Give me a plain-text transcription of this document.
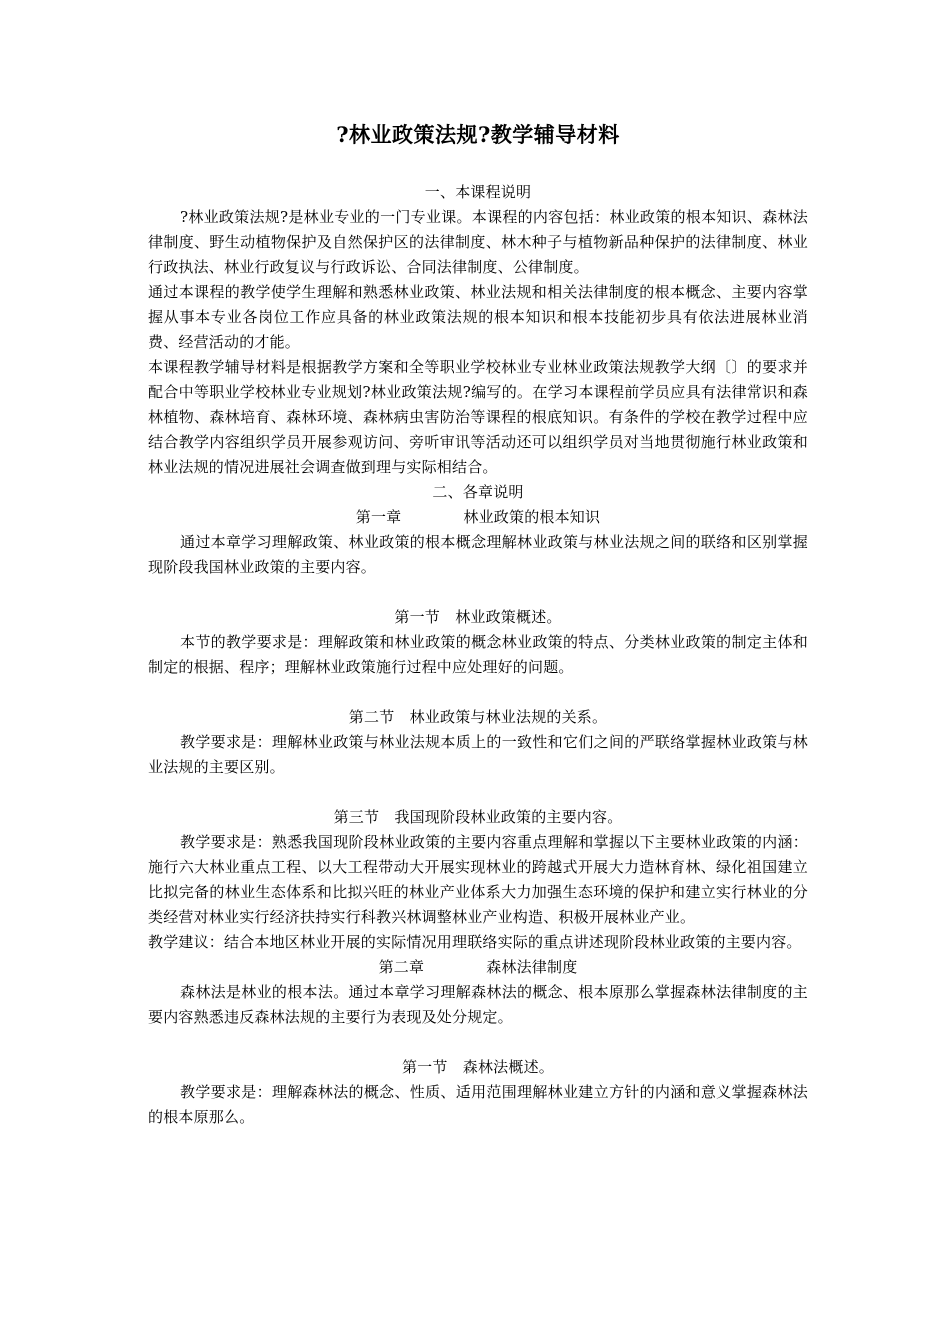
?林业政策法规?教学辅导材料

一、本课程说明

?林业政策法规?是林业专业的一门专业课。本课程的内容包括：林业政策的根本知识、森林法律制度、野生动植物保护及自然保护区的法律制度、林木种子与植物新品种保护的法律制度、林业行政执法、林业行政复议与行政诉讼、合同法律制度、公律制度。

通过本课程的教学使学生理解和熟悉林业政策、林业法规和相关法律制度的根本概念、主要内容掌握从事本专业各岗位工作应具备的林业政策法规的根本知识和根本技能初步具有依法进展林业消费、经营活动的才能。

本课程教学辅导材料是根据教学方案和全等职业学校林业专业林业政策法规教学大纲〔〕的要求并配合中等职业学校林业专业规划?林业政策法规?编写的。在学习本课程前学员应具有法律常识和森林植物、森林培育、森林环境、森林病虫害防治等课程的根底知识。有条件的学校在教学过程中应结合教学内容组织学员开展参观访问、旁听审讯等活动还可以组织学员对当地贯彻施行林业政策和林业法规的情况进展社会调查做到理与实际相结合。

二、各章说明

第一章	林业政策的根本知识

通过本章学习理解政策、林业政策的根本概念理解林业政策与林业法规之间的联络和区别掌握现阶段我国林业政策的主要内容。

第一节　林业政策概述。

本节的教学要求是：理解政策和林业政策的概念林业政策的特点、分类林业政策的制定主体和制定的根据、程序；理解林业政策施行过程中应处理好的问题。

第二节　林业政策与林业法规的关系。

教学要求是：理解林业政策与林业法规本质上的一致性和它们之间的严联络掌握林业政策与林业法规的主要区别。

第三节　我国现阶段林业政策的主要内容。

教学要求是：熟悉我国现阶段林业政策的主要内容重点理解和掌握以下主要林业政策的内涵：施行六大林业重点工程、以大工程带动大开展实现林业的跨越式开展大力造林育林、绿化祖国建立比拟完备的林业生态体系和比拟兴旺的林业产业体系大力加强生态环境的保护和建立实行林业的分类经营对林业实行经济扶持实行科教兴林调整林业产业构造、积极开展林业产业。

教学建议：结合本地区林业开展的实际情况用理联络实际的重点讲述现阶段林业政策的主要内容。

第二章	森林法律制度

森林法是林业的根本法。通过本章学习理解森林法的概念、根本原那么掌握森林法律制度的主要内容熟悉违反森林法规的主要行为表现及处分规定。

第一节　森林法概述。

教学要求是：理解森林法的概念、性质、适用范围理解林业建立方针的内涵和意义掌握森林法的根本原那么。
